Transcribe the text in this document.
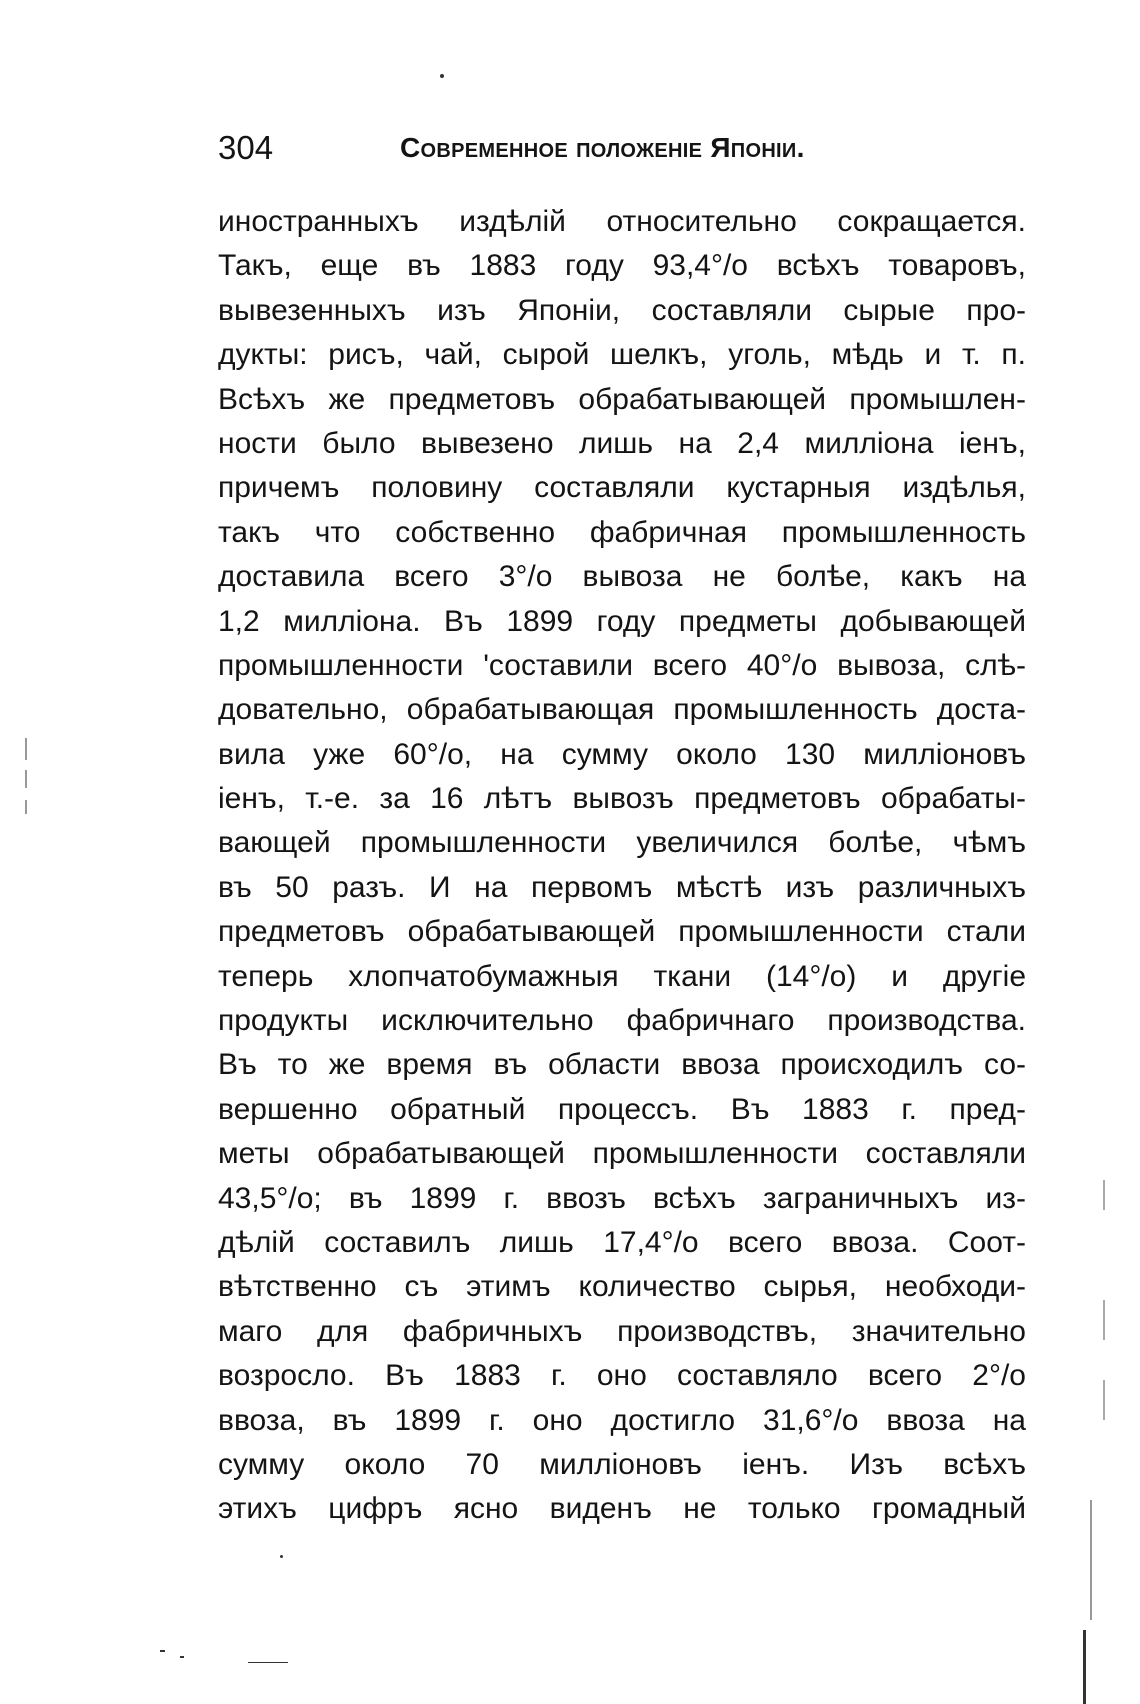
304	Современное положеніе Японіи.
иностранныхъ издѣлій относительно сокращается.
Такъ, еще въ 1883 году 93,4°/o всѣхъ товаровъ,
вывезенныхъ изъ Японіи, составляли сырые про-
дукты: рисъ, чай, сырой шелкъ, уголь, мѣдь и т. п.
Всѣхъ же предметовъ обрабатывающей промышлен-
ности было вывезено лишь на 2,4 милліона іенъ,
причемъ половину составляли кустарныя издѣлья,
такъ что собственно фабричная промышленность
доставила всего 3°/o вывоза не болѣе, какъ на
1,2 милліона. Въ 1899 году предметы добывающей
промышленности 'составили всего 40°/o вывоза, слѣ-
довательно, обрабатывающая промышленность доста-
вила уже 60°/o, на сумму около 130 милліоновъ
іенъ, т.-е. за 16 лѣтъ вывозъ предметовъ обрабаты-
вающей промышленности увеличился болѣе, чѣмъ
въ 50 разъ. И на первомъ мѣстѣ изъ различныхъ
предметовъ обрабатывающей промышленности стали
теперь хлопчатобумажныя ткани (14°/o) и другіе
продукты исключительно фабричнаго производства.
Въ то же время въ области ввоза происходилъ со-
вершенно обратный процессъ. Въ 1883 г. пред-
меты обрабатывающей промышленности составляли
43,5°/o; въ 1899 г. ввозъ всѣхъ заграничныхъ из-
дѣлій составилъ лишь 17,4°/o всего ввоза. Соот-
вѣтственно съ этимъ количество сырья, необходи-
маго для фабричныхъ производствъ, значительно
возросло. Въ 1883 г. оно составляло всего 2°/o
ввоза, въ 1899 г. оно достигло 31,6°/o ввоза на
сумму около 70 милліоновъ іенъ. Изъ всѣхъ
этихъ цифръ ясно виденъ не только громадный
